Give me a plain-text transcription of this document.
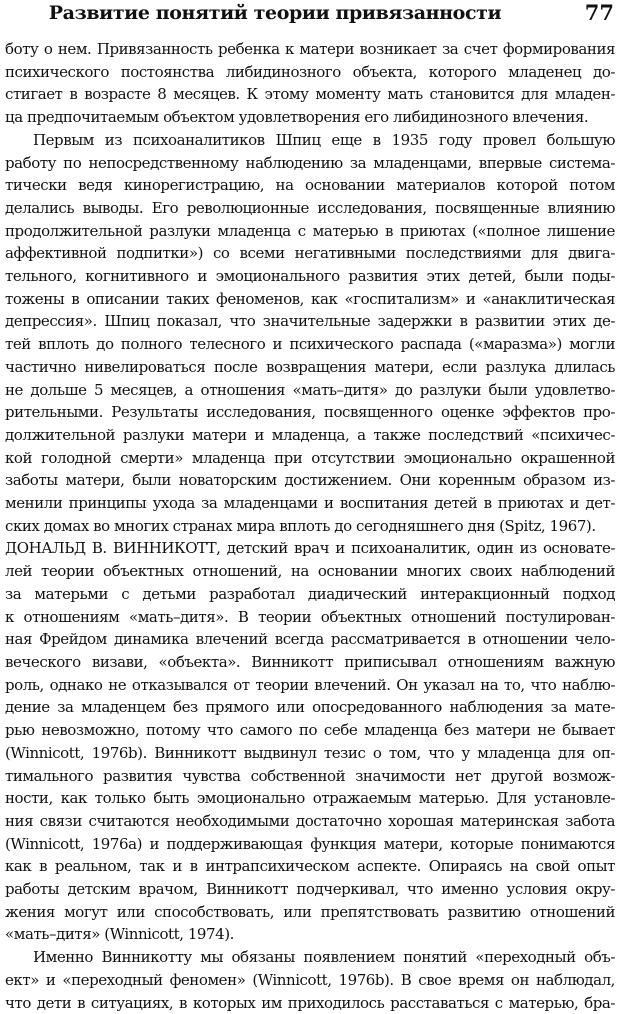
Развитие понятий теории привязанности	77

боту о нем. Привязанность ребенка к матери возникает за счет формирования
психического постоянства либидинозного объекта, которого младенец до-
стигает в возрасте 8 месяцев. К этому моменту мать становится для младен-
ца предпочитаемым объектом удовлетворения его либидинозного влечения.

Первым из психоаналитиков Шпиц еще в 1935 году провел большую
работу по непосредственному наблюдению за младенцами, впервые системa-
тически ведя кинорегистрацию, на основании материалов которой потом
делались выводы. Его революционные исследования, посвященные влиянию
продолжительной разлуки младенца с матерью в приютах («полное лишение
аффективной подпитки») со всеми негативными последствиями для двига-
тельного, когнитивного и эмоционального развития этих детей, были поды-
тожены в описании таких феноменов, как «госпитализм» и «анаклитическая
депрессия». Шпиц показал, что значительные задержки в развитии этих де-
тей вплоть до полного телесного и психического распада («маразма») могли
частично нивелироваться после возвращения матери, если разлука длилась
не дольше 5 месяцев, а отношения «мать–дитя» до разлуки были удовлетво-
рительными. Результаты исследования, посвященного оценке эффектов про-
должительной разлуки матери и младенца, а также последствий «психичес-
кой голодной смерти» младенца при отсутствии эмоционально окрашенной
заботы матери, были новаторским достижением. Они коренным образом из-
менили принципы ухода за младенцами и воспитания детей в приютах и дет-
ских домах во многих странах мира вплоть до сегодняшнего дня (Spitz, 1967).

ДОНАЛЬД В. ВИННИКОТТ, детский врач и психоаналитик, один из основате-
лей теории объектных отношений, на основании многих своих наблюдений
за матерьми с детьми разработал диадический интеракционный подход
к отношениям «мать–дитя». В теории объектных отношений постулирован-
ная Фрейдом динамика влечений всегда рассматривается в отношении чело-
веческого визави, «объекта». Винникотт приписывал отношениям важную
роль, однако не отказывался от теории влечений. Он указал на то, что наблю-
дение за младенцем без прямого или опосредованного наблюдения за мате-
рью невозможно, потому что самого по себе младенца без матери не бывает
(Winnicott, 1976b). Винникотт выдвинул тезис о том, что у младенца для оп-
тимального развития чувства собственной значимости нет другой возмож-
ности, как только быть эмоционально отражаемым матерью. Для установле-
ния связи считаются необходимыми достаточно хорошая материнская забота
(Winnicott, 1976a) и поддерживающая функция матери, которые понимаются
как в реальном, так и в интрапсихическом аспекте. Опираясь на свой опыт
работы детским врачом, Винникотт подчеркивал, что именно условия окру-
жения могут или способствовать, или препятствовать развитию отношений
«мать–дитя» (Winnicott, 1974).

Именно Винникотту мы обязаны появлением понятий «переходный объ-
ект» и «переходный феномен» (Winnicott, 1976b). В свое время он наблюдал,
что дети в ситуациях, в которых им приходилось расставаться с матерью, бра-
